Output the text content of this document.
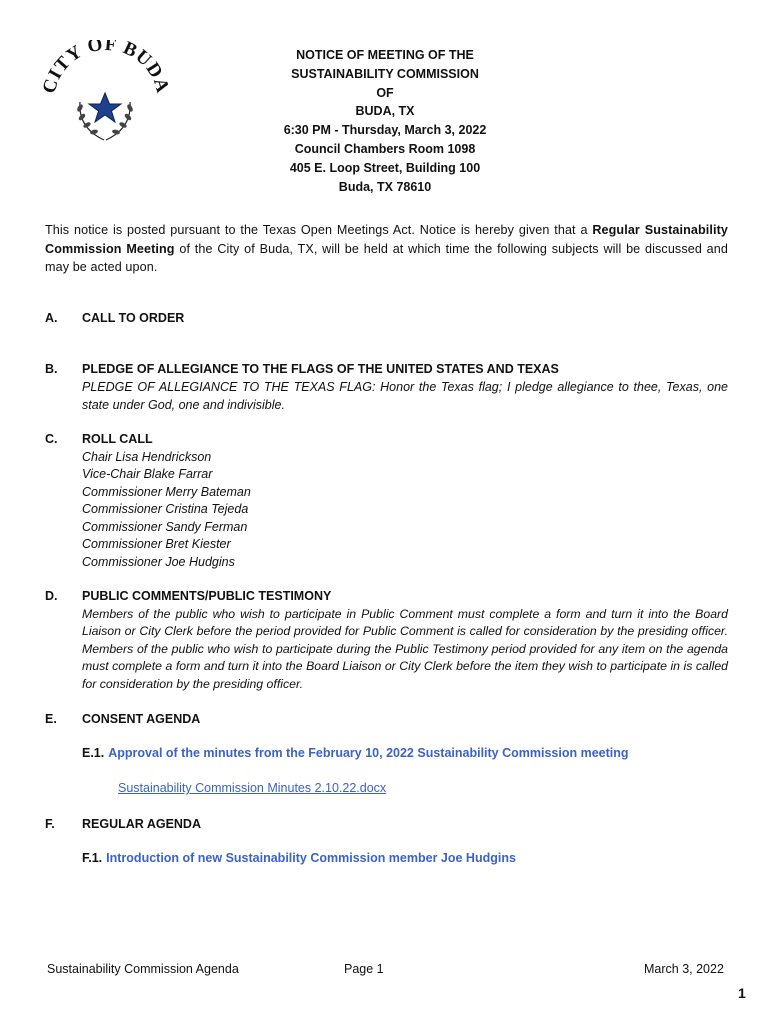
CITY OF BUD
NOTICE OF MEETING OF THE
SUSTAINABILITY COMMISSION
OF
BUDA, TX
6:30 PM - Thursday, March 3, 2022
Council Chambers Room 1098
405 E. Loop Street, Building 100
Buda, TX 78610
This notice is posted pursuant to the Texas Open Meetings Act. Notice is hereby given that a Regular Sustainability Commission Meeting of the City of Buda, TX, will be held at which time the following subjects will be discussed and may be acted upon.
A. CALL TO ORDER
B. PLEDGE OF ALLEGIANCE TO THE FLAGS OF THE UNITED STATES AND TEXAS
PLEDGE OF ALLEGIANCE TO THE TEXAS FLAG: Honor the Texas flag; I pledge allegiance to thee, Texas, one state under God, one and indivisible.
C. ROLL CALL
Chair Lisa Hendrickson
Vice-Chair Blake Farrar
Commissioner Merry Bateman
Commissioner Cristina Tejeda
Commissioner Sandy Ferman
Commissioner Bret Kiester
Commissioner Joe Hudgins
D. PUBLIC COMMENTS/PUBLIC TESTIMONY
Members of the public who wish to participate in Public Comment must complete a form and turn it into the Board Liaison or City Clerk before the period provided for Public Comment is called for consideration by the presiding officer. Members of the public who wish to participate during the Public Testimony period provided for any item on the agenda must complete a form and turn it into the Board Liaison or City Clerk before the item they wish to participate in is called for consideration by the presiding officer.
E. CONSENT AGENDA
E.1. Approval of the minutes from the February 10, 2022 Sustainability Commission meeting
Sustainability Commission Minutes 2.10.22.docx
F. REGULAR AGENDA
F.1. Introduction of new Sustainability Commission member Joe Hudgins
Sustainability Commission Agenda	Page 1	March 3, 2022
1
